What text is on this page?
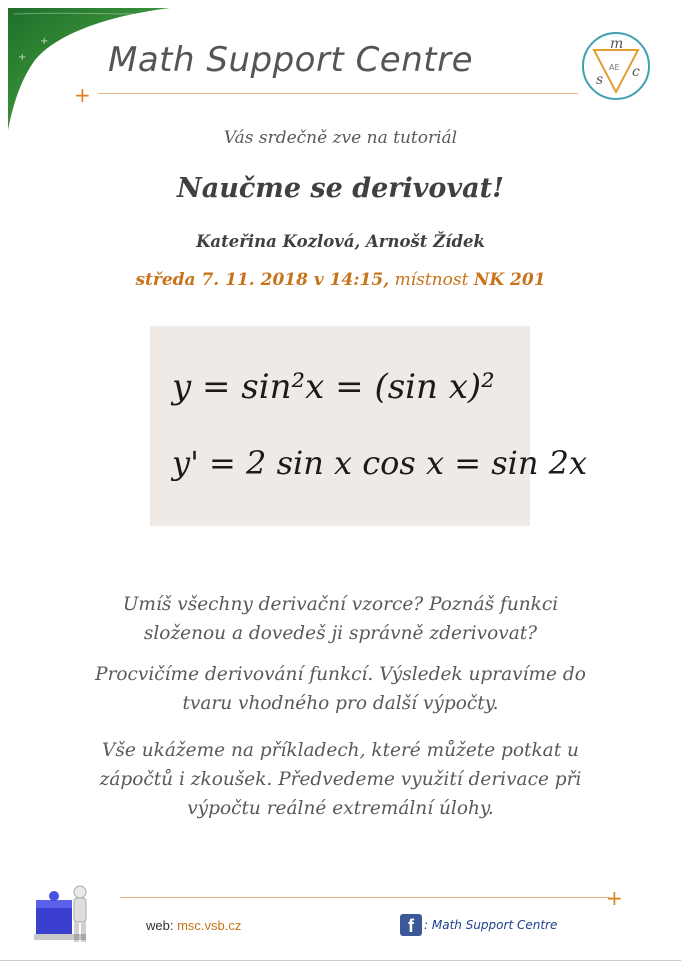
+
+
+ Math Support Centre
+
m
s c
AE
Vás srdečně zve na tutoriál
Naučme se derivovat!
Kateřina Kozlová, Arnošt Žídek
středa 7. 11. 2018 v 14:15, místnost NK 201
y = sin²x = (sin x)²
y' = 2 sin x cos x = sin 2x
Umíš všechny derivační vzorce? Poznáš funkci
složenou a dovedeš ji správně zderivovat?
Procvičíme derivování funkcí. Výsledek upravíme do
tvaru vhodného pro další výpočty.
Vše ukážeme na příkladech, které můžete potkat u
zápočtů i zkoušek. Předvedeme využití derivace při
výpočtu reálné extremální úlohy.
+
web: msc.vsb.cz	f : Math Support Centre
